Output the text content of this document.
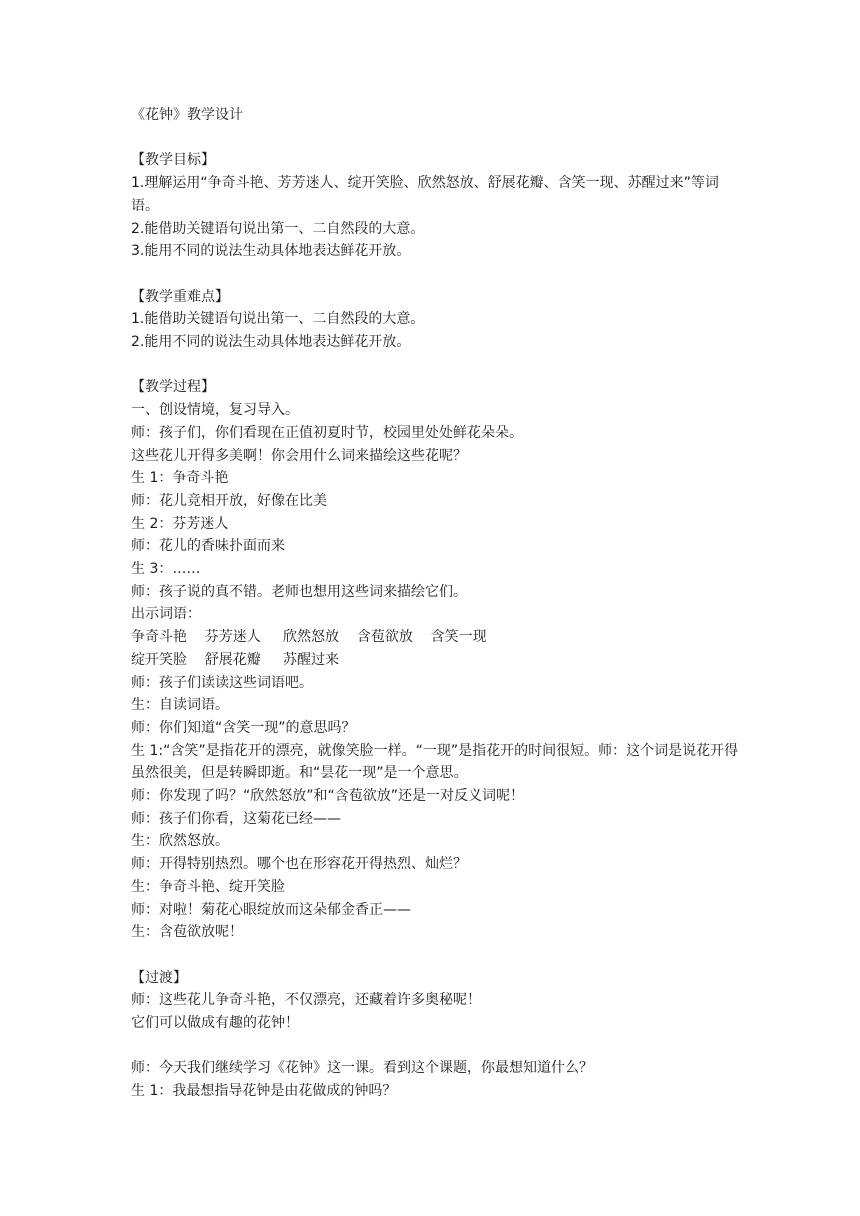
《花钟》教学设计
【教学目标】
1.理解运用“争奇斗艳、芳芳迷人、绽开笑脸、欣然怒放、舒展花瓣、含笑一现、苏醒过来”等词语。
2.能借助关键语句说出第一、二自然段的大意。
3.能用不同的说法生动具体地表达鲜花开放。
【教学重难点】
1.能借助关键语句说出第一、二自然段的大意。
2.能用不同的说法生动具体地表达鲜花开放。
【教学过程】
一、创设情境，复习导入。
师：孩子们，你们看现在正值初夏时节，校园里处处鲜花朵朵。
这些花儿开得多美啊！你会用什么词来描绘这些花呢？
生 1：争奇斗艳
师：花儿竞相开放，好像在比美
生 2：芬芳迷人
师：花儿的香味扑面而来
生 3：……
师：孩子说的真不错。老师也想用这些词来描绘它们。
出示词语：
争奇斗艳    芬芳迷人     欣然怒放    含苞欲放    含笑一现
绽开笑脸    舒展花瓣     苏醒过来
师：孩子们读读这些词语吧。
生：自读词语。
师：你们知道“含笑一现”的意思吗？
生 1:“含笑”是指花开的漂亮，就像笑脸一样。“一现”是指花开的时间很短。师：这个词是说花开得虽然很美，但是转瞬即逝。和“昙花一现”是一个意思。
师：你发现了吗？“欣然怒放”和“含苞欲放”还是一对反义词呢！
师：孩子们你看，这菊花已经——
生：欣然怒放。
师：开得特别热烈。哪个也在形容花开得热烈、灿烂？
生：争奇斗艳、绽开笑脸
师：对啦！菊花心眼绽放而这朵郁金香正——
生：含苞欲放呢！
【过渡】
师：这些花儿争奇斗艳，不仅漂亮，还藏着许多奥秘呢！
它们可以做成有趣的花钟！
师：今天我们继续学习《花钟》这一课。看到这个课题，你最想知道什么？
生 1：我最想指导花钟是由花做成的钟吗？
